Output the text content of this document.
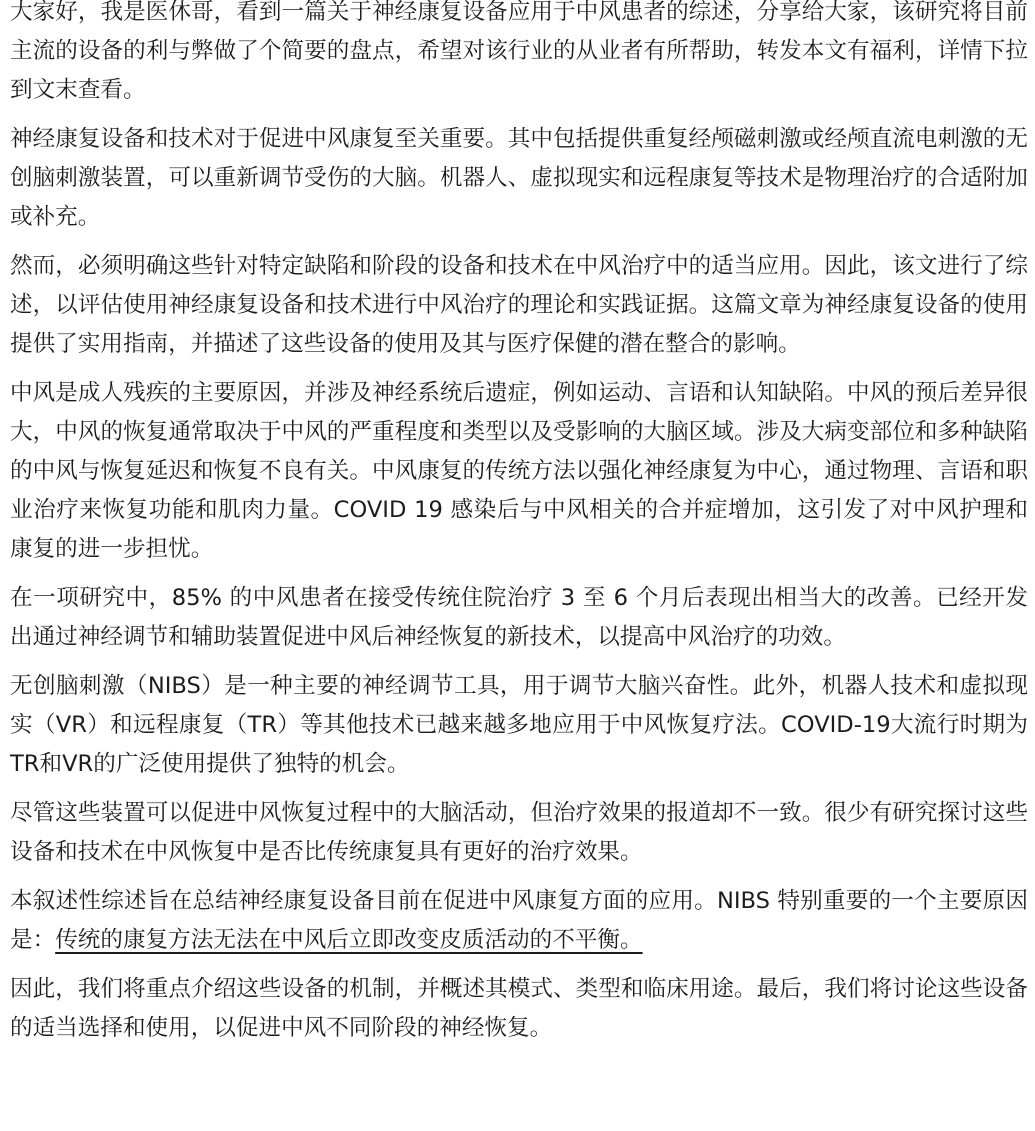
大家好，我是医休哥，看到一篇关于神经康复设备应用于中风患者的综述，分享给大家，该研究将目前主流的设备的利与弊做了个简要的盘点，希望对该行业的从业者有所帮助，转发本文有福利，详情下拉到文末查看。

神经康复设备和技术对于促进中风康复至关重要。其中包括提供重复经颅磁刺激或经颅直流电刺激的无创脑刺激装置，可以重新调节受伤的大脑。机器人、虚拟现实和远程康复等技术是物理治疗的合适附加或补充。

然而，必须明确这些针对特定缺陷和阶段的设备和技术在中风治疗中的适当应用。因此，该文进行了综述，以评估使用神经康复设备和技术进行中风治疗的理论和实践证据。这篇文章为神经康复设备的使用提供了实用指南，并描述了这些设备的使用及其与医疗保健的潜在整合的影响。

中风是成人残疾的主要原因，并涉及神经系统后遗症，例如运动、言语和认知缺陷。中风的预后差异很大，中风的恢复通常取决于中风的严重程度和类型以及受影响的大脑区域。涉及大病变部位和多种缺陷的中风与恢复延迟和恢复不良有关。中风康复的传统方法以强化神经康复为中心，通过物理、言语和职业治疗来恢复功能和肌肉力量。COVID 19 感染后与中风相关的合并症增加，这引发了对中风护理和康复的进一步担忧。

在一项研究中，85% 的中风患者在接受传统住院治疗 3 至 6 个月后表现出相当大的改善。已经开发出通过神经调节和辅助装置促进中风后神经恢复的新技术，以提高中风治疗的功效。

无创脑刺激（NIBS）是一种主要的神经调节工具，用于调节大脑兴奋性。此外，机器人技术和虚拟现实（VR）和远程康复（TR）等其他技术已越来越多地应用于中风恢复疗法。COVID-19大流行时期为TR和VR的广泛使用提供了独特的机会。

尽管这些装置可以促进中风恢复过程中的大脑活动，但治疗效果的报道却不一致。很少有研究探讨这些设备和技术在中风恢复中是否比传统康复具有更好的治疗效果。

本叙述性综述旨在总结神经康复设备目前在促进中风康复方面的应用。NIBS 特别重要的一个主要原因是：传统的康复方法无法在中风后立即改变皮质活动的不平衡。

因此，我们将重点介绍这些设备的机制，并概述其模式、类型和临床用途。最后，我们将讨论这些设备的适当选择和使用，以促进中风不同阶段的神经恢复。
